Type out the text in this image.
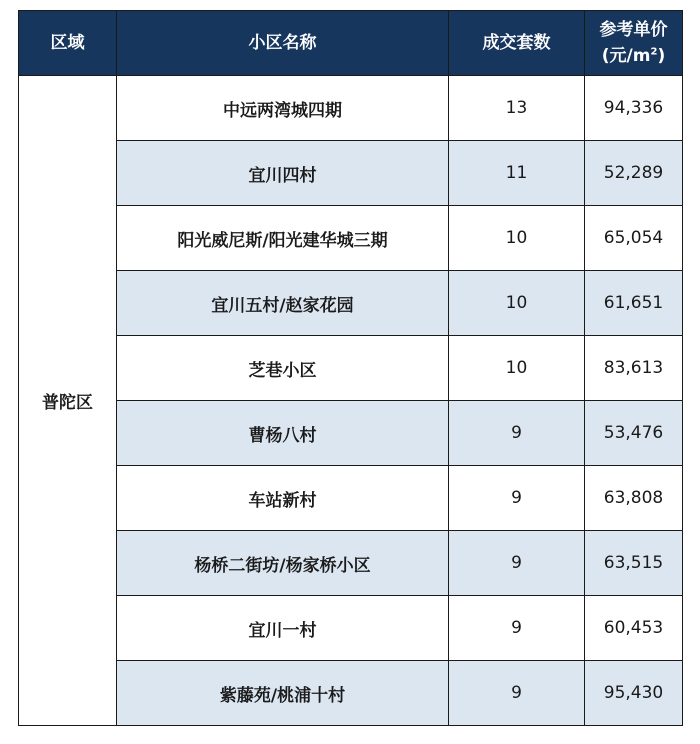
区域	小区名称	成交套数	参考单价
(元$/m^2$)
普陀区	中远两湾城四期	13	94,336
	宜川四村	11	52,289
	阳光威尼斯/阳光建华城三期	10	65,054
	宜川五村/赵家花园	10	61,651
	芝巷小区	10	83,613
	曹杨八村	9	53,476
	车站新村	9	63,808
	杨桥二街坊/杨家桥小区	9	63,515
	宜川一村	9	60,453
	紫藤苑/桃浦十村	9	95,430
